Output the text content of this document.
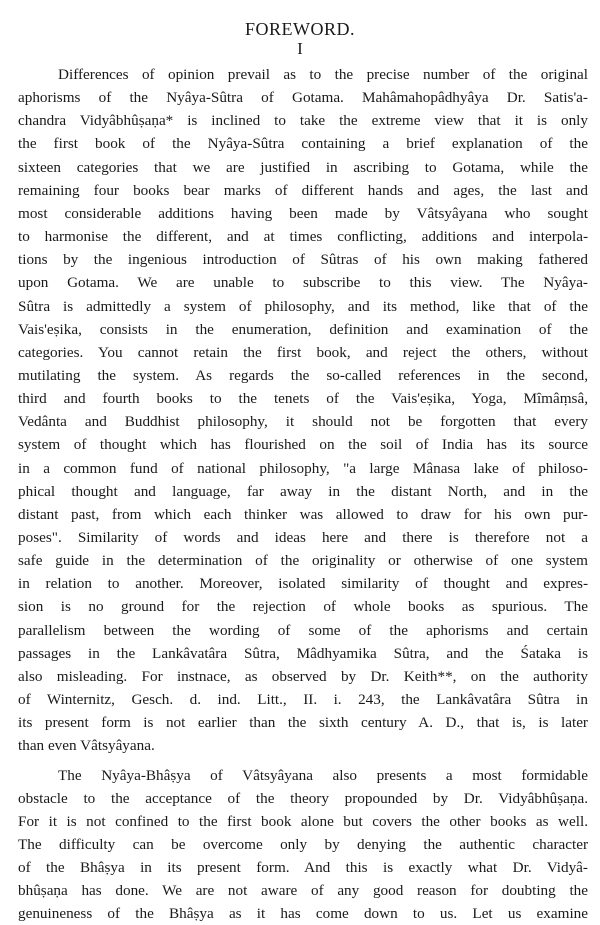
FOREWORD.
I
Differences of opinion prevail as to the precise number of the original
aphorisms of the Nyâya-Sûtra of Gotama. Mahâmahopâdhyâya Dr. Satis'a-
chandra Vidyâbhûṣaṇa* is inclined to take the extreme view that it is only
the first book of the Nyâya-Sûtra containing a brief explanation of the
sixteen categories that we are justified in ascribing to Gotama, while the
remaining four books bear marks of different hands and ages, the last and
most considerable additions having been made by Vâtsyâyana who sought
to harmonise the different, and at times conflicting, additions and interpola-
tions by the ingenious introduction of Sûtras of his own making fathered
upon Gotama. We are unable to subscribe to this view. The Nyâya-
Sûtra is admittedly a system of philosophy, and its method, like that of the
Vais'eṣika, consists in the enumeration, definition and examination of the
categories. You cannot retain the first book, and reject the others, without
mutilating the system. As regards the so-called references in the second,
third and fourth books to the tenets of the Vais'eṣika, Yoga, Mîmâṃsâ,
Vedânta and Buddhist philosophy, it should not be forgotten that every
system of thought which has flourished on the soil of India has its source
in a common fund of national philosophy, "a large Mânasa lake of philoso-
phical thought and language, far away in the distant North, and in the
distant past, from which each thinker was allowed to draw for his own pur-
poses". Similarity of words and ideas here and there is therefore not a
safe guide in the determination of the originality or otherwise of one system
in relation to another. Moreover, isolated similarity of thought and expres-
sion is no ground for the rejection of whole books as spurious. The
parallelism between the wording of some of the aphorisms and certain
passages in the Lankâvatâra Sûtra, Mâdhyamika Sûtra, and the Śataka is
also misleading. For instnace, as observed by Dr. Keith**, on the authority
of Winternitz, Gesch. d. ind. Litt., II. i. 243, the Lankâvatâra Sûtra in
its present form is not earlier than the sixth century A. D., that is, is later
than even Vâtsyâyana.
The Nyâya-Bhâṣya of Vâtsyâyana also presents a most formidable
obstacle to the acceptance of the theory propounded by Dr. Vidyâbhûṣaṇa.
For it is not confined to the first book alone but covers the other books as well.
The difficulty can be overcome only by denying the authentic character
of the Bhâṣya in its present form. And this is exactly what Dr. Vidyâ-
bhûṣaṇa has done. We are not aware of any good reason for doubting the
genuineness of the Bhâṣya as it has come down to us. Let us examine
